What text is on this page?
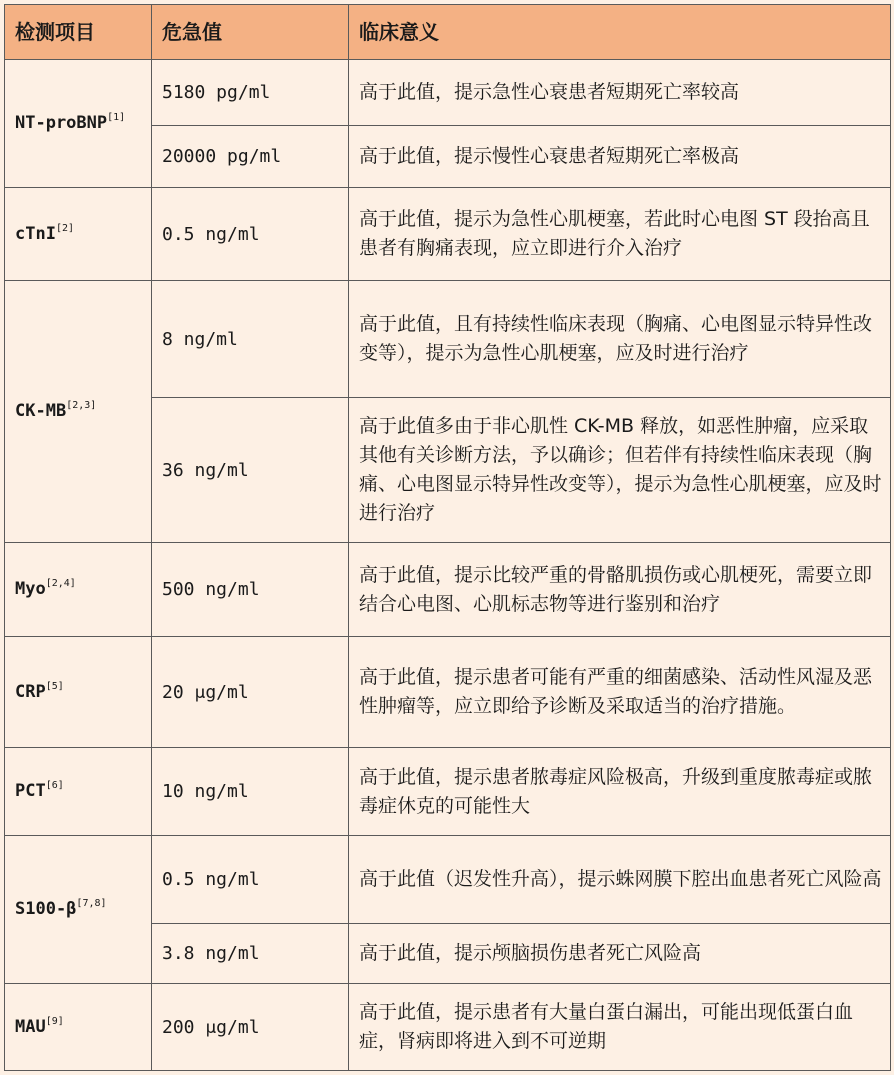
检测项目	危急值	临床意义
NT-proBNP[1]	5180 pg/ml	高于此值，提示急性心衰患者短期死亡率较高
	20000 pg/ml	高于此值，提示慢性心衰患者短期死亡率极高
cTnI[2]	0.5 ng/ml	高于此值，提示为急性心肌梗塞，若此时心电图 ST 段抬高且患者有胸痛表现，应立即进行介入治疗
CK-MB[2,3]	8 ng/ml	高于此值，且有持续性临床表现（胸痛、心电图显示特异性改变等），提示为急性心肌梗塞，应及时进行治疗
	36 ng/ml	高于此值多由于非心肌性 CK-MB 释放，如恶性肿瘤，应采取其他有关诊断方法，予以确诊；但若伴有持续性临床表现（胸痛、心电图显示特异性改变等），提示为急性心肌梗塞，应及时进行治疗
Myo[2,4]	500 ng/ml	高于此值，提示比较严重的骨骼肌损伤或心肌梗死，需要立即结合心电图、心肌标志物等进行鉴别和治疗
CRP[5]	20 μg/ml	高于此值，提示患者可能有严重的细菌感染、活动性风湿及恶性肿瘤等，应立即给予诊断及采取适当的治疗措施。
PCT[6]	10 ng/ml	高于此值，提示患者脓毒症风险极高，升级到重度脓毒症或脓毒症休克的可能性大
S100-β[7,8]	0.5 ng/ml	高于此值（迟发性升高），提示蛛网膜下腔出血患者死亡风险高
	3.8 ng/ml	高于此值，提示颅脑损伤患者死亡风险高
MAU[9]	200 μg/ml	高于此值，提示患者有大量白蛋白漏出，可能出现低蛋白血症，肾病即将进入到不可逆期
